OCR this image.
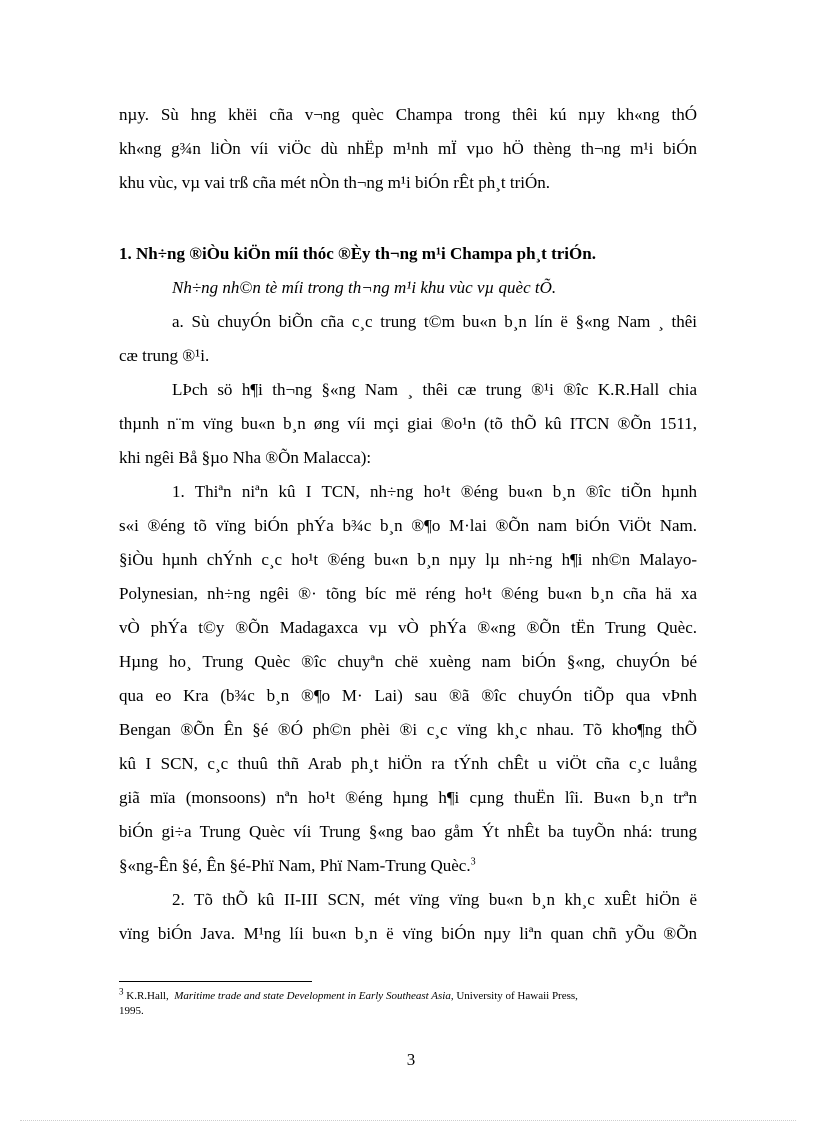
nµy. Sù hng khëi cña v¬ng quèc Champa trong thêi kú nµy kh«ng thÓ
kh«ng g¾n liÒn víi viÖc dù nhËp m¹nh mÏ vµo hÖ thèng th¬ng m¹i biÓn
khu vùc, vµ vai trß cña mét nÒn th¬ng m¹i biÓn rÊt ph¸t triÓn.
1. Nh÷ng ®iÒu kiÖn míi thóc ®Èy th¬ng m¹i Champa ph¸t triÓn.
Nh÷ng nh©n tè míi trong th¬ng m¹i khu vùc vµ quèc tÕ.
a. Sù chuyÓn biÕn cña c¸c trung t©m bu«n b¸n lín ë §«ng Nam ¸ thêi
cæ trung ®¹i.
LÞch sö h¶i th¬ng §«ng Nam ¸ thêi cæ trung ®¹i ®îc K.R.Hall chia
thµnh n¨m vïng bu«n b¸n øng víi mçi giai ®o¹n (tõ thÕ kû ITCN ®Õn 1511,
khi ngêi Bå §µo Nha ®Õn Malacca):
1. Thiªn niªn kû I TCN, nh÷ng ho¹t ®éng bu«n b¸n ®îc tiÕn hµnh
s«i ®éng tõ vïng biÓn phÝa b¾c b¸n ®¶o M·lai ®Õn nam biÓn ViÖt Nam.
§iÒu hµnh chÝnh c¸c ho¹t ®éng bu«n b¸n nµy lµ nh÷ng h¶i nh©n Malayo-
Polynesian, nh÷ng ngêi ®· tõng bíc më réng ho¹t ®éng bu«n b¸n cña hä xa
vÒ phÝa t©y ®Õn Madagaxca vµ vÒ phÝa ®«ng ®Õn tËn Trung Quèc.
Hµng ho¸ Trung Quèc ®îc chuyªn chë xuèng nam biÓn §«ng, chuyÓn bé
qua eo Kra (b¾c b¸n ®¶o M· Lai) sau ®ã ®îc chuyÓn tiÕp qua vÞnh
Bengan ®Õn Ên §é ®Ó ph©n phèi ®i c¸c vïng kh¸c nhau. Tõ kho¶ng thÕ
kû I SCN, c¸c thuû thñ Arab ph¸t hiÖn ra tÝnh chÊt u viÖt cña c¸c luång
giã mïa (monsoons) nªn ho¹t ®éng hµng h¶i cµng thuËn lîi. Bu«n b¸n trªn
biÓn gi÷a Trung Quèc víi Trung §«ng bao gåm Ýt nhÊt ba tuyÕn nhá: trung
§«ng-Ên §é, Ên §é-Phï Nam, Phï Nam-Trung Quèc.$^3$
2. Tõ thÕ kû II-III SCN, mét vïng vïng bu«n b¸n kh¸c xuÊt hiÖn ë
vïng biÓn Java. M¹ng líi bu«n b¸n ë vïng biÓn nµy liªn quan chñ yÕu ®Õn
$^3$ K.R.Hall, Maritime trade and state Development in Early Southeast Asia, University of Hawaii Press,
1995.
3
